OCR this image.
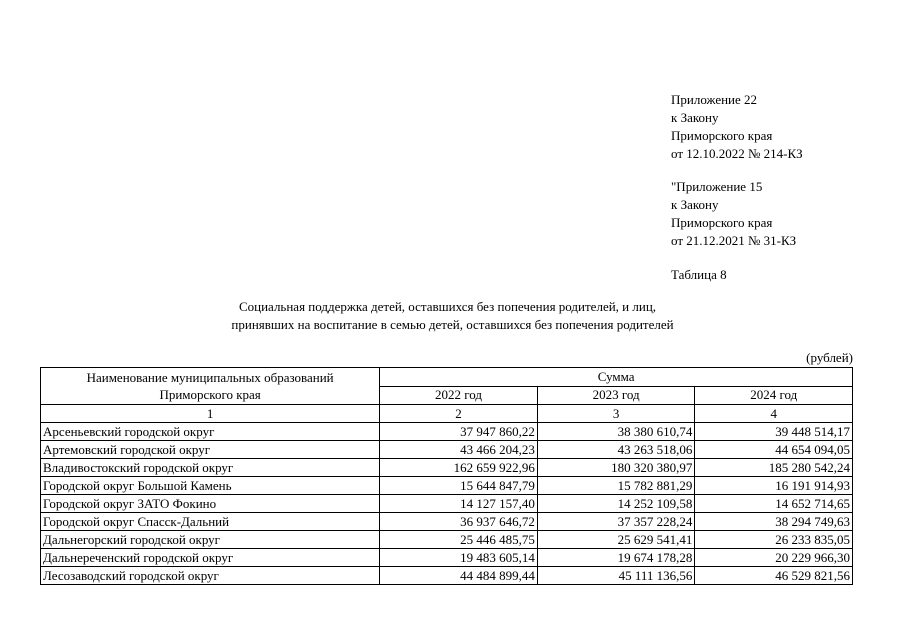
Приложение 22
к Закону
Приморского края
от 12.10.2022 № 214-КЗ
"Приложение 15
к Закону
Приморского края
от 21.12.2021 № 31-КЗ
Таблица 8
Социальная поддержка детей, оставшихся без попечения родителей, и лиц,
принявших на воспитание в семью детей, оставшихся без попечения родителей
(рублей)
Наименование муниципальных образований
Приморского края	Сумма		
	2022 год	2023 год	2024 год
1	2	3	4
Арсеньевский городской округ	37 947 860,22	38 380 610,74	39 448 514,17
Артемовский городской округ	43 466 204,23	43 263 518,06	44 654 094,05
Владивостокский городской округ	162 659 922,96	180 320 380,97	185 280 542,24
Городской округ Большой Камень	15 644 847,79	15 782 881,29	16 191 914,93
Городской округ ЗАТО Фокино	14 127 157,40	14 252 109,58	14 652 714,65
Городской округ Спасск-Дальний	36 937 646,72	37 357 228,24	38 294 749,63
Дальнегорский городской округ	25 446 485,75	25 629 541,41	26 233 835,05
Дальнереченский городской округ	19 483 605,14	19 674 178,28	20 229 966,30
Лесозаводский городской округ	44 484 899,44	45 111 136,56	46 529 821,56
